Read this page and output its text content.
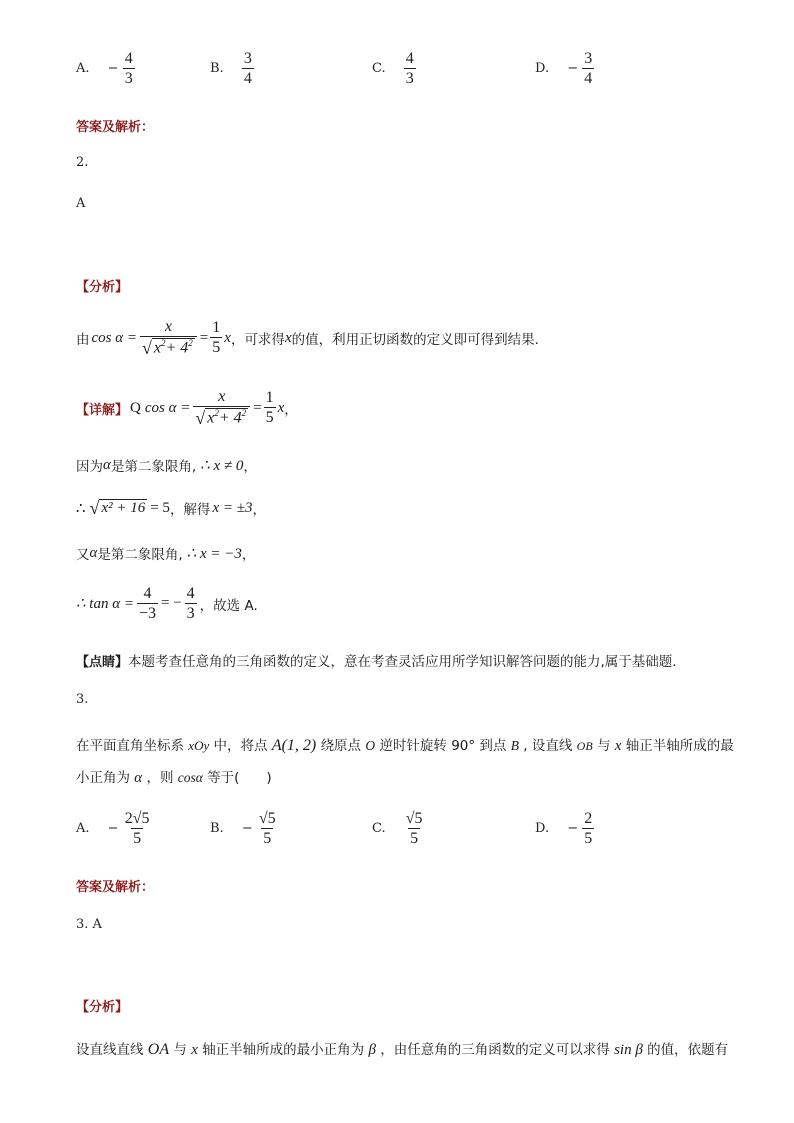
A. − $\frac{4}{3}$	B. $\frac{3}{4}$	C. $\frac{4}{3}$	D. − $\frac{3}{4}$
答案及解析：
2.
A
【分析】
由 $\cos \alpha = \frac{x}{√ x^2+ 4^2} = \frac{1}{5}$ x ，可求得 x 的值，利用正切函数的定义即可得到结果.
【详解】 Q $\cos \alpha = \frac{x}{√ x^2+ 4^2} = \frac{1}{5}$ x ，
因为 α 是第二象限角, ∴ x ≠ 0 ，
∴ √ x² + 16 = 5 ，解得 x = ±3 ，
又 α 是第二象限角, ∴ x = −3 ，
∴ $\tan \alpha = \frac{4}{-3}$ = − $\frac{4}{3}$ ，故选 A.
【点睛】本题考查任意角的三角函数的定义，意在考查灵活应用所学知识解答问题的能力,属于基础题.
3.
在平面直角坐标系 xOy 中，将点 A(1, 2) 绕原点 O 逆时针旋转 90° 到点 B , 设直线 OB 与 x 轴正半轴所成的最
小正角为 α ，则 cosα 等于(　　)
A. − $\frac{2√5}{5}$	B. − $\frac{√5}{5}$	C. $\frac{√5}{5}$	D. − $\frac{2}{5}$
答案及解析：
3. A
【分析】
设直线直线 OA 与 x 轴正半轴所成的最小正角为 β ，由任意角的三角函数的定义可以求得 sin β 的值，依题有
